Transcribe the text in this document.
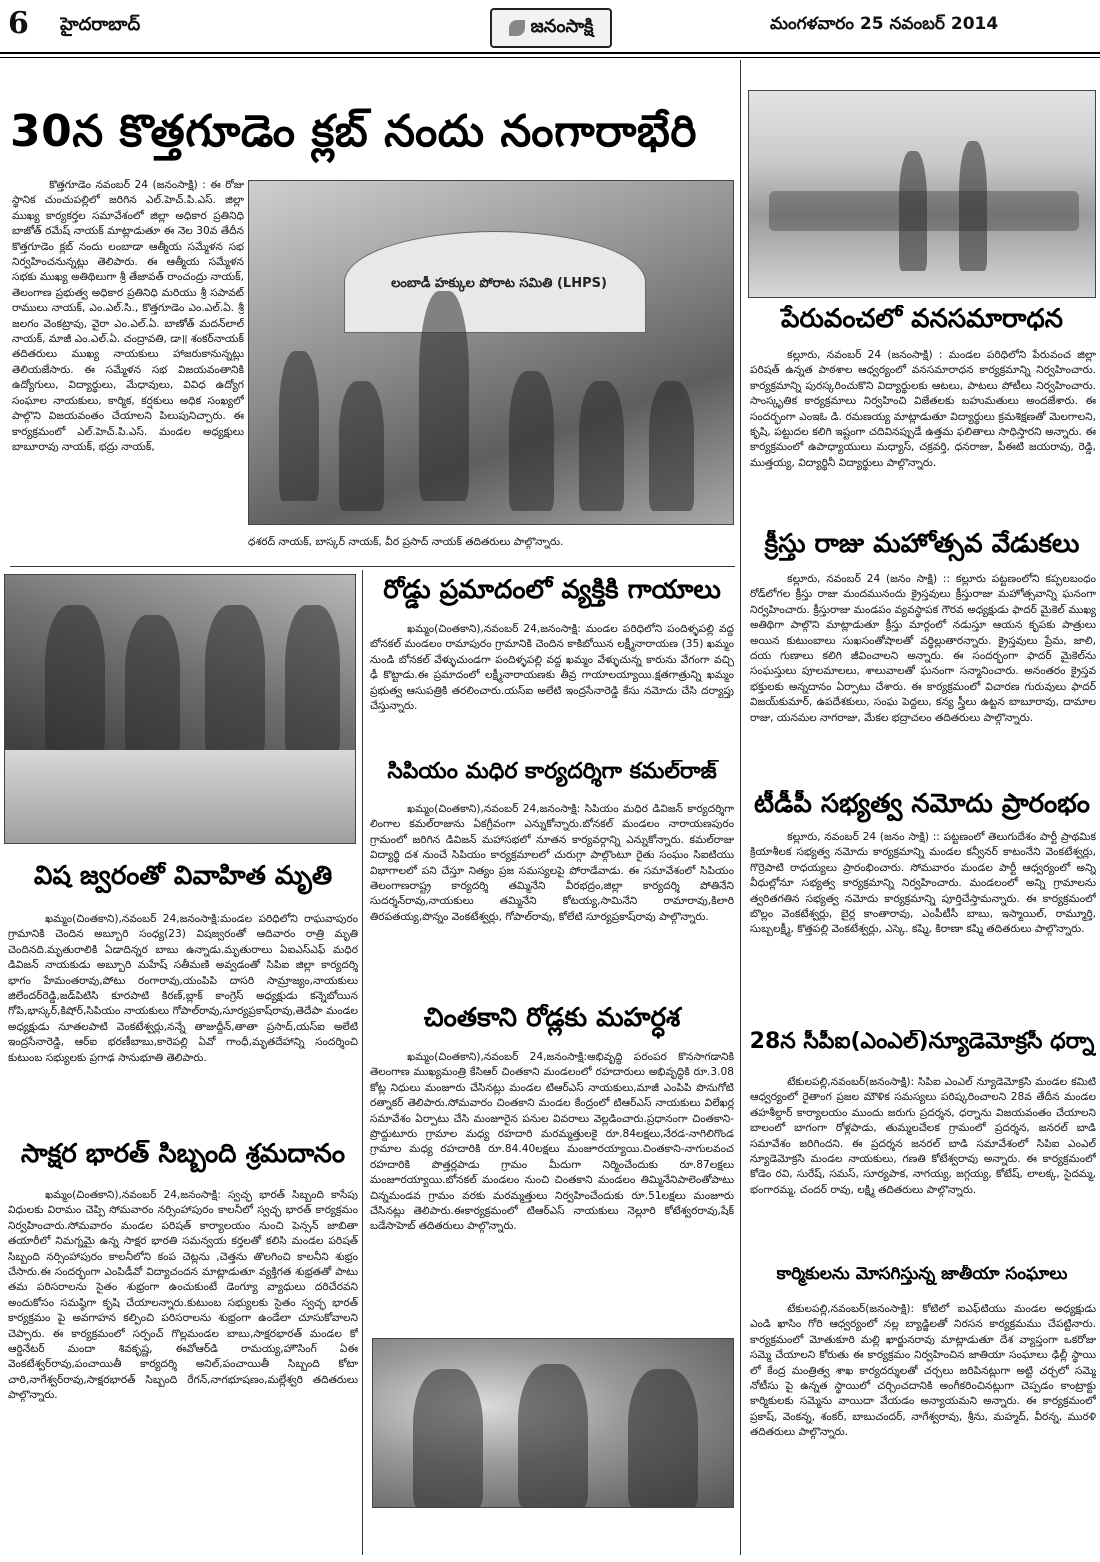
6 హైదరాబాద్	జనంసాక్షి	మంగళవారం 25 నవంబర్ 2014
30న కొత్తగూడెం క్లబ్ నందు నంగారాభేరి

కొత్తగూడెం నవంబర్ 24 (జనంసాక్షి) : ఈ రోజు స్థానిక చుంచుపల్లిలో జరిగిన ఎల్.హెచ్.పి.ఎస్. జిల్లా ముఖ్య కార్యకర్తల సమావేశంలో జిల్లా అధికార ప్రతినిధి బాజోత్ రమేష్ నాయక్ మాట్లాడుతూ ఈ నెల 30వ తేదీన కొత్తగూడెం క్లబ్ నందు లంబాడా ఆత్మీయ సమ్మేళన సభ నిర్వహించనున్నట్లు తెలిపారు. ఈ ఆత్మీయ సమ్మేళన సభకు ముఖ్య అతిథిలుగా శ్రీ తేజావత్ రాంచంద్రు నాయక్, తెలంగాణ ప్రభుత్వ అధికార ప్రతినిధి మరియు శ్రీ సపావట్ రాములు నాయక్, ఎం.ఎల్.సి., కొత్తగూడెం ఎం.ఎల్.ఏ. శ్రీ జలగం వెంకట్రావు, వైరా ఎం.ఎల్.ఏ. బాణోత్ మదన్‌లాల్ నాయక్, మాజీ ఎం.ఎల్.ఏ. చంద్రావతి, డా॥ శంకర్‌నాయక్ తదితరులు ముఖ్య నాయకులు హాజరుకానున్నట్లు తెలియజేసారు. ఈ సమ్మేళన సభ విజయవంతానికి ఉద్యోగులు, విద్యార్థులు, మేధావులు, వివిధ ఉద్యోగ సంఘాల నాయకులు, కార్మిక, కర్షకులు అధిక సంఖ్యలో పాల్గొని విజయవంతం చేయాలని పిలుపునిచ్చారు. ఈ కార్యక్రమంలో ఎల్.హెచ్.పి.ఎస్. మండల అధ్యక్షులు బాబూరావు నాయక్, భద్రు నాయక్,

లంబాడీ హక్కుల పోరాట సమితి (LHPS)
ధశరద్ నాయక్, బాస్కర్ నాయక్, వీర ప్రసాద్ నాయక్ తదితరులు పాల్గొన్నారు.
పేరువంచలో వనసమారాధన

కల్లూరు, నవంబర్ 24 (జనంసాక్షి) : మండల పరిధిలోని పేరువంచ జిల్లా పరిషత్ ఉన్నత పాఠశాల ఆధ్వర్యంలో వనసమారాధన కార్యక్రమాన్ని నిర్వహించారు. కార్యక్రమాన్ని పురస్కరించుకొని విద్యార్థులకు ఆటలు, పాటలు పోటీలు నిర్వహించారు. సాంస్కృతిక కార్యక్రమాలు నిర్వహించి విజేతలకు బహుమతులు అందజేశారు. ఈ సందర్భంగా ఎంఇఓ డి. రమణయ్య మాట్లాడుతూ విద్యార్థులు క్రమశిక్షణతో మెలగాలని, కృషి, పట్టుదల కలిగి ఇష్టంగా చదివినప్పుడే ఉత్తమ ఫలితాలు సాధిస్తారని అన్నారు. ఈ కార్యక్రమంలో ఉపాధ్యాయులు మధ్యాస్, చక్రవర్తి, ధనరాజు, పీఈటి జయరావు, రెడ్డి, ముత్తయ్య, విద్యార్థినీ విద్యార్థులు పాల్గొన్నారు.

క్రీస్తు రాజు మహోత్సవ వేడుకలు

కల్లూరు, నవంబర్ 24 (జనం సాక్షి) :: కల్లూరు పట్టణంలోని కప్పలబంధం రోడ్‌లోగల క్రీస్తు రాజు మందమునందు క్రైస్తవులు క్రీస్తురాజు మహోత్సవాన్ని ఘనంగా నిర్వహించారు. క్రీస్తురాజు మండపం వ్యవస్థాపక గౌరవ అధ్యక్షుడు ఫాదర్ మైకెల్ ముఖ్య అతిథిగా పాల్గొని మాట్లాడుతూ క్రీస్తు మార్గంలో నడుస్తూ ఆయన కృపకు పాత్రులు అయిన కుటుంబాలు సుఖసంతోషాలతో వర్థిల్లుతారన్నారు. క్రైస్తవులు ప్రేమ, జాలి, దయ గుణాలు కలిగి జీవించాలని అన్నారు. ఈ సందర్భంగా ఫాదర్ మైకెల్‌ను సంఘస్తులు పూలమాలలు, శాలువాలతో ఘనంగా సన్మానించారు. అనంతరం క్రైస్తవ భక్తులకు అన్నదానం ఏర్పాటు చేశారు. ఈ కార్యక్రమంలో విచారణ గురువులు ఫాదర్ విజయ్‌కుమార్, ఉపదేశకులు, సంఘ పెద్దలు, కన్య స్త్రీలు ఉట్టన బాబూరావు, దామాల రాజు, యనమల నాగరాజు, మేకల భద్రాచలం తదితరులు పాల్గొన్నారు.

టీడీపీ సభ్యత్వ నమోదు ప్రారంభం

కల్లూరు, నవంబర్ 24 (జనం సాక్షి) :: పట్టణంలో తెలుగుదేశం పార్టీ ప్రాథమిక క్రియాశీలక సభ్యత్వ నమోదు కార్యక్రమాన్ని మండల కన్వీనర్ కాటంనేని వెంకటేశ్వర్లు, గొర్రెపాటి రాధయ్యలు ప్రారంభించారు. సోమవారం మండల పార్టీ ఆధ్వర్యంలో అన్ని వీధుల్లోనూ సభ్యత్వ కార్యక్రమాన్ని నిర్వహించారు. మండలంలో అన్ని గ్రామాలను త్వరితగతిన సభ్యత్వ నమోదు కార్యక్రమాన్ని పూర్తిచేస్తామన్నారు. ఈ కార్యక్రమంలో బొల్లం వెంకటేశ్వర్లు, బైర్ల కాంతారావు, ఎంపీటీసీ బాబు, ఇస్మాయిల్, రామ్మూర్తి, సుబ్బలక్ష్మీ, కొత్తపల్లి వెంకటేశ్వర్లు, ఎస్కె. కష్మి, కిరాణా కష్మి తదితరులు పాల్గొన్నారు.

28న సీపీఐ(ఎంఎల్)న్యూడెమోక్రసీ ధర్నా

టేకులపల్లి,నవంబర్(జనంసాక్షి): సిపిఐ ఎంఎల్ న్యూడెమోక్రసి మండల కమిటి ఆధ్వర్యంలో రైతాంగ ప్రజల మౌళిక సమస్యలు పరిష్కరించాలని 28వ తేదీన మండల తహశీల్దార్ కార్యాలయం ముందు జరుగు ప్రదర్శన, ధర్నాను విజయవంతం చేయాలని బాలంలో బాగంగా రోళ్లపాడు, తుమ్మలచేలక గ్రామంలో ప్రదర్శన, జనరల్ బాడి సమావేశం జరిగిందని. ఈ ప్రదర్శన జనరల్ బాడి సమావేశంలో సిపిఐ ఎంఎల్ న్యూడెమోక్రసి మండల నాయకులు, గణతి కోటేశ్వరావు అన్నారు. ఈ కార్యక్రమంలో కోడెం రవి, సురేష్, సమస్, సూర్యపాక, నాగయ్య, జగ్గయ్య, కోటేష్, లాలక్క, సైదమ్మ, భంగారమ్మ, చందర్ రావు, లక్ష్మి తదితరులు పాల్గొన్నారు.

కార్మికులను మోసగిస్తున్న జాతీయా సంఘాలు

టేకులపల్లి,నవంబర్(జనంసాక్షి): కోటిలో ఐఎఫ్‌టియు మండల అధ్యక్షుడు ఎండి ఖాసిం గోరి ఆధ్వర్యంలో నల్ల బ్యాడ్జిలతో నిరసన కార్యక్రమము చేపట్టినారు. కార్యక్రమంలో మోతుకూరి మల్లి ఖార్జునరావు మాట్లాడుతూ దేశ వ్యాప్తంగా ఒకరోజు సమ్మె చేయాలని కోరుతు ఈ కార్యక్రమం నిర్వహించిన జాతియా సంఘాలు ఢిల్లీ స్థాయి లో కేంద్ర మంత్రిత్వ శాఖ కార్యదర్శులతో చర్చలు జరిపినట్లుగా అట్టి చర్చలో సమ్మె నోటీసు పై ఉన్నత స్థాయిలో చర్చించదానికి అంగీకరించినట్లుగా చెప్పడం కాంట్రాక్టు కార్మికులకు సమ్మెను వాయిదా వేయడం అన్యాయమని అన్నారు. ఈ కార్యక్రమంలో ప్రకాష్, వెంకన్న, శంకర్, బాబుచందర్, నాగేశ్వరావు, శ్రీను, మహ్మద్, వీరన్న, మురళి తదితరులు పాల్గొన్నారు.

విష జ్వరంతో వివాహిత మృతి

ఖమ్మం(చింతకాని),నవంబర్ 24,జనంసాక్షి:మండల పరిధిలోని రాఘవాపురం గ్రామానికి చెందిన అబ్బూరి సంధ్య(23) విషజ్వరంతో ఆదివారం రాత్రి మృతి చెందినది.మృతురాలికి ఏడాదిన్నర బాబు ఉన్నాడు.మృతురాలు ఏఐఎస్‌ఎఫ్ మధిర డివిజన్ నాయకుడు అబ్బూరి మహేష్ సతీమణి అవ్వడంతో సిపిఐ జిల్లా కార్యదర్శి భాగం హేమంతరావు,పోటు రంగారావు,యంపిపి దాసరి సామ్రాజ్యం,నాయకులు జిలేందర్‌రెడ్డి,జడ్‌పిటిసి కూరపాటి కిరణ్,బ్లాక్ కాంగ్రెస్ అధ్యక్షుడు కన్నెబోయిన గోపి,భాస్కర్,కిషోర్,సిపియం నాయకులు గోపాల్‌రావు,సూర్యప్రకాష్‌రావు,తెదేపా మండల అధ్యక్షుడు నూతలపాటి వెంకటేశ్వర్లు,నన్నే తాజుద్దీన్,తాతా ప్రసాద్,యస్ఐ అలేటి ఇంద్రసేనారెడ్డి, ఆర్ఐ భరణీబాబు,కారెపల్లి ఏవో గాంధీ,మృతదేహాన్ని సందర్శించి కుటుంబ సభ్యులకు ప్రగాఢ సానుభూతి తెలిపారు.

సాక్షర భారత్ సిబ్బంది శ్రమదానం

ఖమ్మం(చింతకాని),నవంబర్ 24,జనంసాక్షి: స్వచ్ఛ భారత్ సిబ్బంది కాసేపు విధులకు విరామం చెప్పి సోమవారం నర్సింహాపురం కాలనీలో స్వచ్ఛ భారత్ కార్యక్రమం నిర్వహించారు.సోమవారం మండల పరిషత్ కార్యాలయం నుంచి పెన్సన్ జాబితా తయారీలో నిమగ్నమై ఉన్న సాక్షర భారతి సమన్వయ కర్తలతో కలిసి మండల పరిషత్ సిబ్బంది నర్సింహాపురం కాలనీలోని కంప చెట్లను ,చెత్తను తొలగించి కాలనీని శుభ్రం చేసారు.ఈ సందర్భంగా ఎంపిడీవో విద్యాచందన మాట్లాడుతూ వ్యక్తిగత శుభ్రతతో పాటు తమ పరిసరాలను సైతం శుభ్రంగా ఉంచుకుంటే డెంగ్యూ వ్యాధులు దరిచేరవని అందుకోసం సమష్ఠిగా కృషి చేయాలన్నారు.కుటుంబ సభ్యులకు సైతం స్వచ్ఛ భారత్ కార్యక్రమం పై అవగాహన కల్పించి పరిసరాలను శుభ్రంగా ఉండేలా చూసుకోవాలని చెప్పారు. ఈ కార్యక్రమంలో సర్పంచ్ గొల్లమండల బాబు,సాక్షరభారత్ మండల కో ఆర్డినేటర్ మందా శివకృష్ణ, ఈవోఆర్‌డి రామయ్య,హౌసింగ్ ఏఈ వెంకటేశ్వర్‌రావు,పంచాయితీ కార్యదర్శి అనిల్,పంచాయితీ సిబ్బంది కోటా చారి,నాగేశ్వర్‌రావు,సాక్షరభారత్ సిబ్బంది రేగన్,నాగభూషణం,మల్లేశ్వరి తదితరులు పాల్గొన్నారు.

రోడ్డు ప్రమాదంలో వ్యక్తికి గాయాలు

ఖమ్మం(చింతకాని),నవంబర్ 24,జనంసాక్షి: మండల పరిధిలోని పందిళ్ళపల్లి వద్ద బోనకల్ మండలం రామాపురం గ్రామానికి చెందిన కాకిబోయిన లక్ష్మీనారాయణ (35) ఖమ్మం నుండి బోనకల్ వేళ్ళుచుండగా పందిళ్ళపల్లి వద్ద ఖమ్మం వేళ్ళుచున్న కారును వేగంగా వచ్చి ఢీ కొట్టాడు.ఈ ప్రమాదంలో లక్ష్మీనారాయణకు తీవ్ర గాయాలయ్యాయి.క్షతగాత్రున్ని ఖమ్మం ప్రభుత్వ ఆసుపత్రికి తరలించారు.యస్ఐ అలేటి ఇంద్రసేనారెడ్డి కేసు నమోదు చేసి దర్యాప్తు చేస్తున్నారు.

సిపియం మధిర కార్యదర్శిగా కమల్‌రాజ్

ఖమ్మం(చింతకాని),నవంబర్ 24,జనంసాక్షి: సిపియం మధిర డివిజన్ కార్యదర్శిగా లింగాల కమల్‌రాజును ఏకగ్రీవంగా ఎన్నుకోన్నారు.బోనకల్ మండలం నారాయణపురం గ్రామంలో జరిగిన డివిజన్ మహాసభలో నూతన కార్యవర్గాన్ని ఎన్నుకోన్నారు. కమల్‌రాజు విద్యార్థి దశ నుంచే సిపియం కార్యక్రమాలలో చురుగ్గా పాల్గొంటూ రైతు సంఘం సిఐటియు విభాగాలలో పని చేస్తూ నిత్యం ప్రజ సమస్యలపై పోరాడేవాడు. ఈ సమావేశంలో సిపియం తెలంగాణరాష్ట్ర కార్యదర్శి తమ్మినేని వీరభద్రం,జిల్లా కార్యదర్శి పోతినేని సుదర్శన్‌రావు,నాయకులు తమ్మినేని కోటయ్య,సామినేని రామారావు,కిలారి తిరపతయ్య,పొన్నం వెంకటేశ్వర్లు, గోపాల్‌రావు, కోలేటి సూర్యప్రకాష్‌రావు పాల్గొన్నారు.

చింతకాని రోడ్లకు మహర్ధశ

ఖమ్మం(చింతకాని),నవంబర్ 24,జనంసాక్షి:అభివృద్ధి పరంపర కొనసాగడానికి తెలంగాణ ముఖ్యమంత్రి కేసిఆర్ చింతకాని మండలంలో రహదారులు అభివృద్ధికి రూ.3.08 కోట్ల నిధులు మంజూరు చేసినట్లు మండల టిఆర్‌ఎస్ నాయకులు,మాజీ ఎంపిపి పొనుగోటి రత్నాకర్ తెలిపారు.సోమవారం చింతకాని మండల కేంద్రంలో టిఆర్‌ఎస్ నాయకులు విలేఖర్ల సమావేశం ఏర్పాటు చేసి మంజూరైన పనుల వివరాలు వెల్లడించారు.ప్రధానంగా చింతకాని-ప్రొద్దుటూరు గ్రామాల మధ్య రహదారి మరమ్మత్తులకై రూ.84లక్షలు,నేరడ-నాగిలిగొండ గ్రామాల మధ్య రహదారికి రూ.84.40లక్షలు మంజూరయ్యాయి.చింతకాని-నాగులవంచ రహదారికి పొత్తర్లపాడు గ్రామం మీదుగా నిర్మించేందుకు రూ.87లక్షలు మంజూరయ్యాయి.బోనకల్ మండలం నుంచి చింతకాని మండలం తిమ్మినేనిపాలెంతోపాటు చిన్నమండవ గ్రామం వరకు మరమ్మత్తులు నిర్వహించేందుకు రూ.51లక్షలు మంజూరు చేసినట్లు తెలిపారు.ఈకార్యక్రమంలో టిఆర్‌ఎస్ నాయకులు నెల్లూరి కోటేశ్వరరావు,షేక్ బడేసాహెబ్ తదితరులు పాల్గొన్నారు.
